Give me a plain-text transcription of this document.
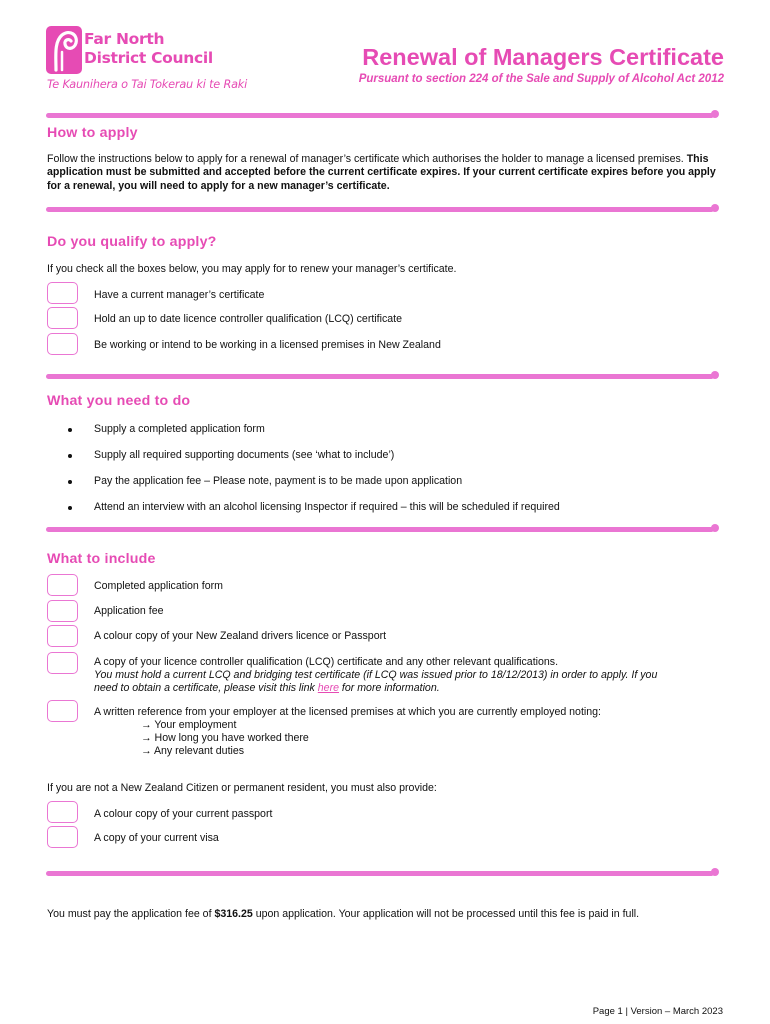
Far North
District Council
Te Kaunihera o Tai Tokerau ki te Raki
Renewal of Managers Certificate
Pursuant to section 224 of the Sale and Supply of Alcohol Act 2012
How to apply
Follow the instructions below to apply for a renewal of manager’s certificate which authorises the holder to manage a licensed premises. This application must be submitted and accepted before the current certificate expires. If your current certificate expires before you apply for a renewal, you will need to apply for a new manager’s certificate.
Do you qualify to apply?
If you check all the boxes below, you may apply for to renew your manager’s certificate.
Have a current manager’s certificate
Hold an up to date licence controller qualification (LCQ) certificate
Be working or intend to be working in a licensed premises in New Zealand
What you need to do
Supply a completed application form
Supply all required supporting documents (see ‘what to include’)
Pay the application fee – Please note, payment is to be made upon application
Attend an interview with an alcohol licensing Inspector if required – this will be scheduled if required
What to include
Completed application form
Application fee
A colour copy of your New Zealand drivers licence or Passport
A copy of your licence controller qualification (LCQ) certificate and any other relevant qualifications.
You must hold a current LCQ and bridging test certificate (if LCQ was issued prior to 18/12/2013) in order to apply. If you
need to obtain a certificate, please visit this link here for more information.
A written reference from your employer at the licensed premises at which you are currently employed noting:
→ Your employment
→ How long you have worked there
→ Any relevant duties
If you are not a New Zealand Citizen or permanent resident, you must also provide:
A colour copy of your current passport
A copy of your current visa
You must pay the application fee of $316.25 upon application. Your application will not be processed until this fee is paid in full.
Page 1 | Version – March 2023
